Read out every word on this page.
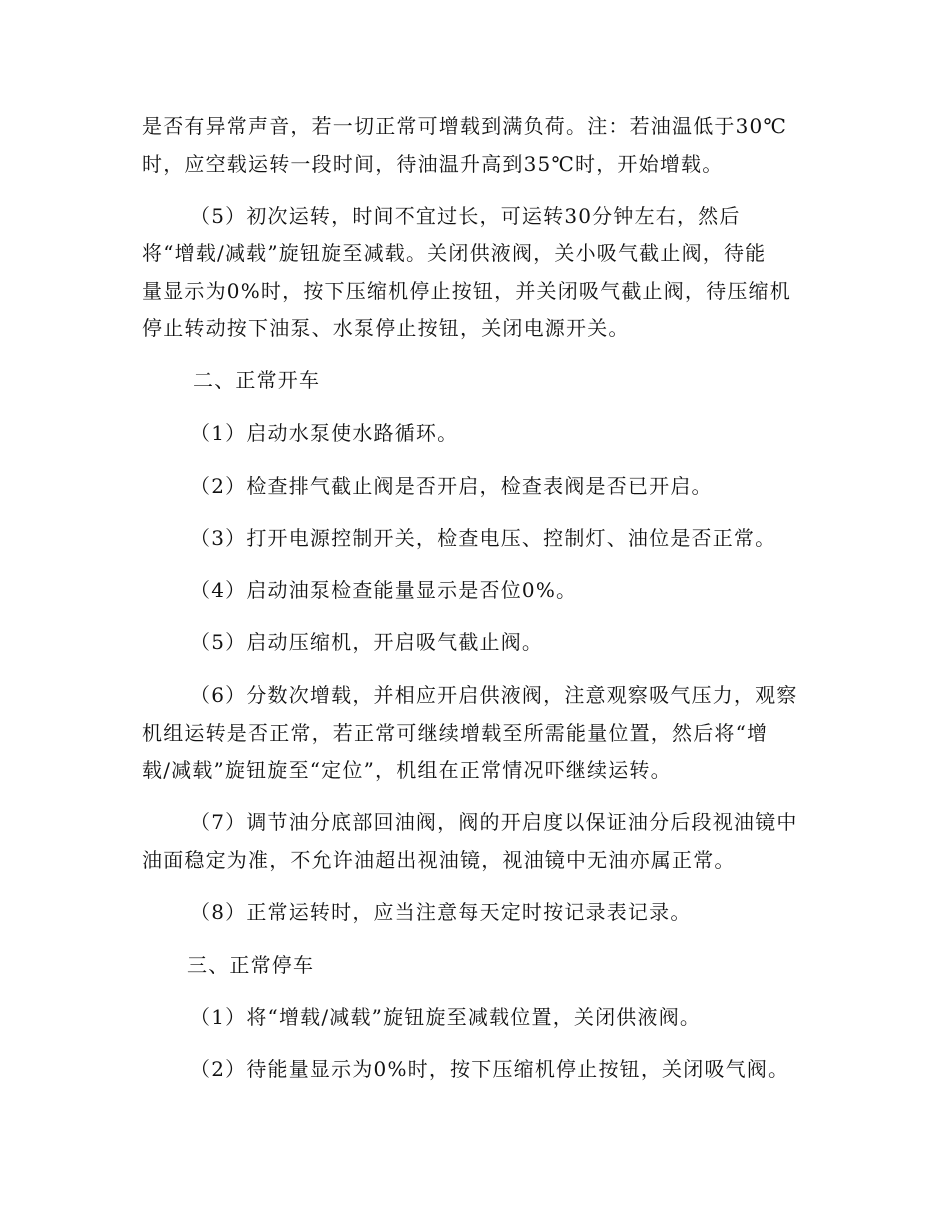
是否有异常声音，若一切正常可增载到满负荷。注：若油温低于30℃
时，应空载运转一段时间，待油温升高到35℃时，开始增载。
（5）初次运转，时间不宜过长，可运转30分钟左右，然后
将“增载/减载”旋钮旋至减载。关闭供液阀，关小吸气截止阀，待能
量显示为0%时，按下压缩机停止按钮，并关闭吸气截止阀，待压缩机
停止转动按下油泵、水泵停止按钮，关闭电源开关。
二、正常开车
（1）启动水泵使水路循环。
（2）检查排气截止阀是否开启，检查表阀是否已开启。
（3）打开电源控制开关，检查电压、控制灯、油位是否正常。
（4）启动油泵检查能量显示是否位0%。
（5）启动压缩机，开启吸气截止阀。
（6）分数次增载，并相应开启供液阀，注意观察吸气压力，观察
机组运转是否正常，若正常可继续增载至所需能量位置，然后将“增
载/减载”旋钮旋至“定位”，机组在正常情况吓继续运转。
（7）调节油分底部回油阀，阀的开启度以保证油分后段视油镜中
油面稳定为准，不允许油超出视油镜，视油镜中无油亦属正常。
（8）正常运转时，应当注意每天定时按记录表记录。
三、正常停车
（1）将“增载/减载”旋钮旋至减载位置，关闭供液阀。
（2）待能量显示为0%时，按下压缩机停止按钮，关闭吸气阀。
